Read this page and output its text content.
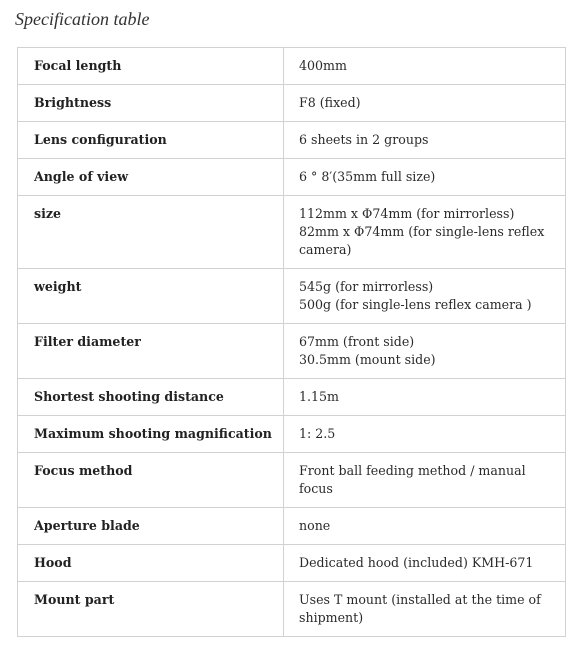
Specification table
Focal length	400mm

Brightness	F8 (fixed)

Lens configuration	6 sheets in 2 groups

Angle of view	6 ° 8′(35mm full size)

size	112mm x Φ74mm (for mirrorless)
82mm x Φ74mm (for single-lens reflex camera)

weight	545g (for mirrorless)
500g (for single-lens reflex camera )

Filter diameter	67mm (front side)
30.5mm (mount side)

Shortest shooting distance	1.15m

Maximum shooting magnification	1: 2.5

Focus method	Front ball feeding method / manual focus

Aperture blade	none

Hood	Dedicated hood (included) KMH-671

Mount part	Uses T mount (installed at the time of shipment)
